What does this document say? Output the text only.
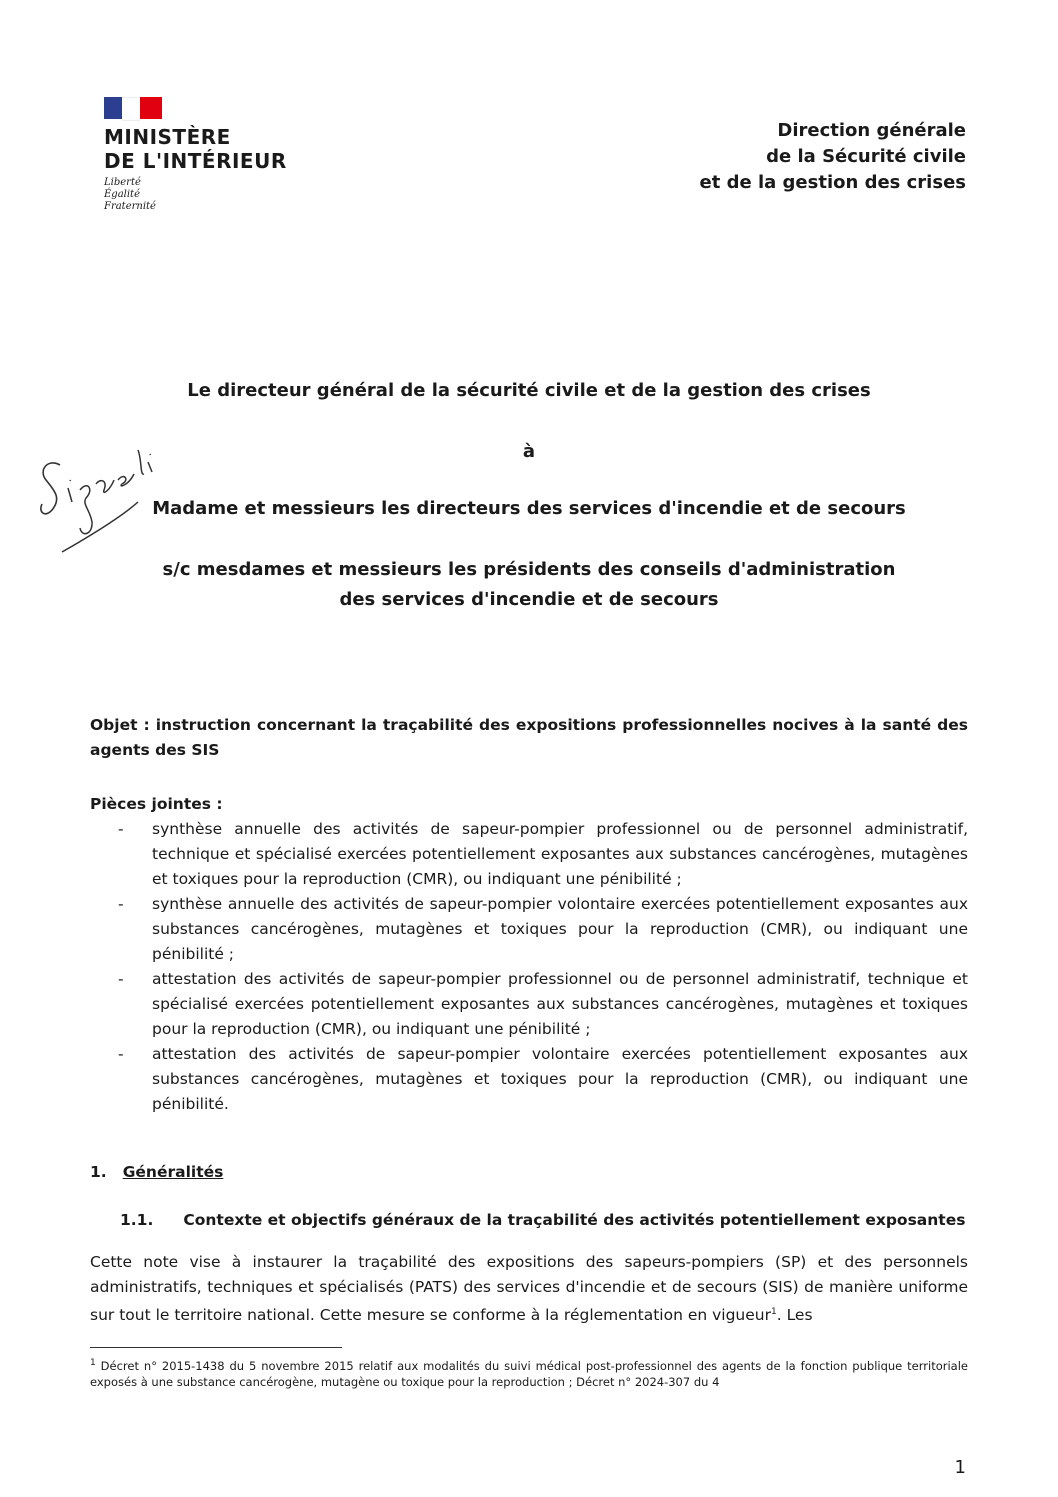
MINISTÈRE
DE L'INTÉRIEUR
Liberté
Égalité
Fraternité
Direction générale
de la Sécurité civile
et de la gestion des crises
Le directeur général de la sécurité civile et de la gestion des crises
à
Madame et messieurs les directeurs des services d'incendie et de secours
s/c mesdames et messieurs les présidents des conseils d'administration des services d'incendie et de secours
Objet : instruction concernant la traçabilité des expositions professionnelles nocives à la santé des agents des SIS
Pièces jointes :
- synthèse annuelle des activités de sapeur-pompier professionnel ou de personnel administratif, technique et spécialisé exercées potentiellement exposantes aux substances cancérogènes, mutagènes et toxiques pour la reproduction (CMR), ou indiquant une pénibilité ;
- synthèse annuelle des activités de sapeur-pompier volontaire exercées potentiellement exposantes aux substances cancérogènes, mutagènes et toxiques pour la reproduction (CMR), ou indiquant une pénibilité ;
- attestation des activités de sapeur-pompier professionnel ou de personnel administratif, technique et spécialisé exercées potentiellement exposantes aux substances cancérogènes, mutagènes et toxiques pour la reproduction (CMR), ou indiquant une pénibilité ;
- attestation des activités de sapeur-pompier volontaire exercées potentiellement exposantes aux substances cancérogènes, mutagènes et toxiques pour la reproduction (CMR), ou indiquant une pénibilité.
1. Généralités
1.1. Contexte et objectifs généraux de la traçabilité des activités potentiellement exposantes
Cette note vise à instaurer la traçabilité des expositions des sapeurs-pompiers (SP) et des personnels administratifs, techniques et spécialisés (PATS) des services d'incendie et de secours (SIS) de manière uniforme sur tout le territoire national. Cette mesure se conforme à la réglementation en vigueur$^1$. Les
$^1$ Décret n° 2015-1438 du 5 novembre 2015 relatif aux modalités du suivi médical post-professionnel des agents de la fonction publique territoriale exposés à une substance cancérogène, mutagène ou toxique pour la reproduction ; Décret n° 2024-307 du 4
1
